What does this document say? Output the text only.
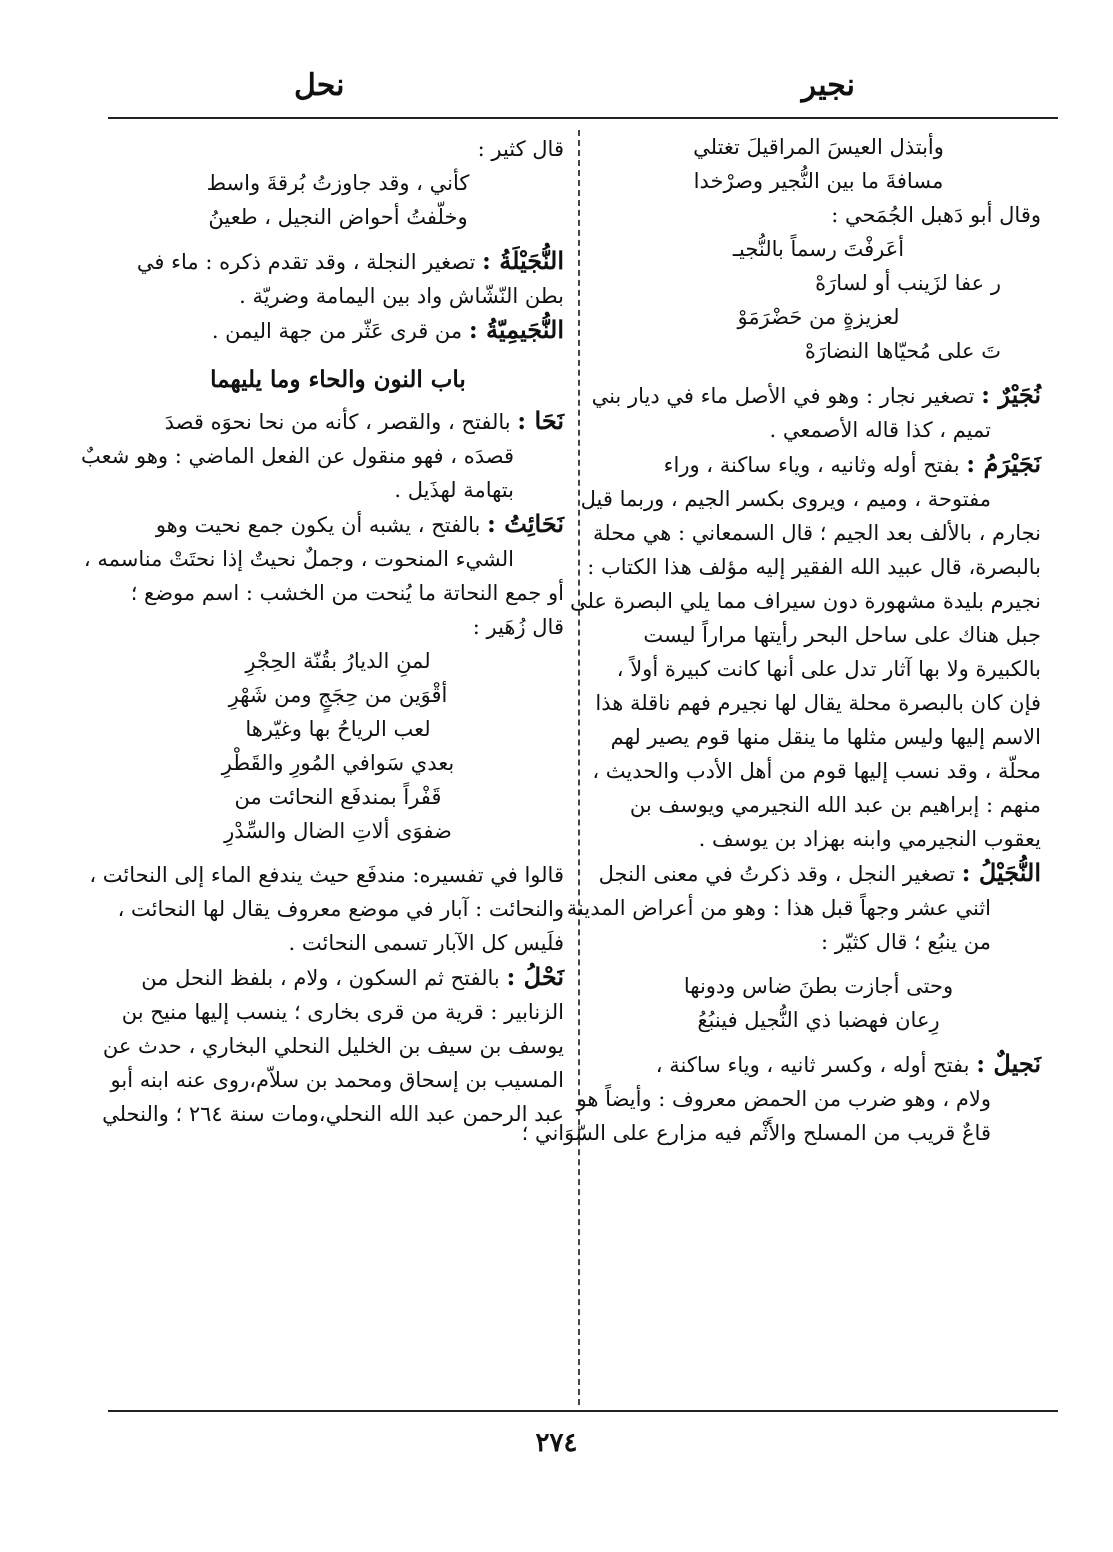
نجير
نحل

وأبتذل العيسَ المراقيلَ تغتلي

مسافةَ ما بين النُّجير وصرْخدا

وقال أبو دَهبل الجُمَحي :

أعَرفْتَ رسماً بالنُّجيـ

ر عفا لزَينب أو لسارَهْ

لعزيزةٍ من حَضْرَمَوْ

تَ على مُحيّاها النضارَهْ

نُجَيْرٌ : تصغير نجار : وهو في الأصل ماء في ديار بني

تميم ، كذا قاله الأصمعي .

نَجَيْرَمُ : بفتح أوله وثانيه ، وياء ساكنة ، وراء

مفتوحة ، وميم ، ويروى بكسر الجيم ، وربما قيل

نجارم ، بالألف بعد الجيم ؛ قال السمعاني : هي محلة

بالبصرة، قال عبيد الله الفقير إليه مؤلف هذا الكتاب :

نجيرم بليدة مشهورة دون سيراف مما يلي البصرة على

جبل هناك على ساحل البحر رأيتها مراراً ليست

بالكبيرة ولا بها آثار تدل على أنها كانت كبيرة أولاً ،

فإن كان بالبصرة محلة يقال لها نجيرم فهم ناقلة هذا

الاسم إليها وليس مثلها ما ينقل منها قوم يصير لهم

محلّة ، وقد نسب إليها قوم من أهل الأدب والحديث ،

منهم : إبراهيم بن عبد الله النجيرمي ويوسف بن

يعقوب النجيرمي وابنه بهزاد بن يوسف .

النُّجَيْلُ : تصغير النجل ، وقد ذكرتُ في معنى النجل

اثني عشر وجهاً قبل هذا : وهو من أعراض المدينة

من ينبُع ؛ قال كثيّر :

وحتى أجازت بطنَ ضاس ودونها

رِعان فهضبا ذي النُّجيل فينبُعُ

نَجيلٌ : بفتح أوله ، وكسر ثانيه ، وياء ساكنة ،

ولام ، وهو ضرب من الحمض معروف : وأيضاً هو

قاعٌ قريب من المسلح والأَثْم فيه مزارع على السّوَاني ؛

قال كثير :

كأني ، وقد جاوزتُ بُرقةَ واسط

وخلّفتُ أحواض النجيل ، طعينُ

النُّجَيْلَةُ : تصغير النجلة ، وقد تقدم ذكره : ماء في

بطن النّشّاش واد بين اليمامة وضريّة .

النُّجَيمِيّةُ : من قرى عَثّر من جهة اليمن .

باب النون والحاء وما يليهما

نَحَا : بالفتح ، والقصر ، كأنه من نحا نحوَه قصدَ

قصدَه ، فهو منقول عن الفعل الماضي : وهو شعبٌ

بتهامة لهذَيل .

نَحَائِتُ : بالفتح ، يشبه أن يكون جمع نحيت وهو

الشيء المنحوت ، وجملٌ نحيتٌ إذا نحتَتْ مناسمه ،

أو جمع النحاتة ما يُنحت من الخشب : اسم موضع ؛

قال زُهَير :

لمنِ الديارُ بقُنّة الحِجْرِ

أقْوَين من حِجَجٍ ومن شَهْرِ

لعب الرياحُ بها وغيّرها

بعدي سَوافي المُورِ والقَطْرِ

قَفْراً بمندفَع النحائت من

ضفوَى ألاتِ الضال والسِّدْرِ

قالوا في تفسيره: مندفَع حيث يندفع الماء إلى النحائت ،

والنحائت : آبار في موضع معروف يقال لها النحائت ،

فلَيس كل الآبار تسمى النحائت .

نَحْلُ : بالفتح ثم السكون ، ولام ، بلفظ النحل من

الزنابير : قرية من قرى بخارى ؛ ينسب إليها منيح بن

يوسف بن سيف بن الخليل النحلي البخاري ، حدث عن

المسيب بن إسحاق ومحمد بن سلاّم،روى عنه ابنه أبو

عبد الرحمن عبد الله النحلي،ومات سنة ٢٦٤ ؛ والنحلي

٢٧٤
